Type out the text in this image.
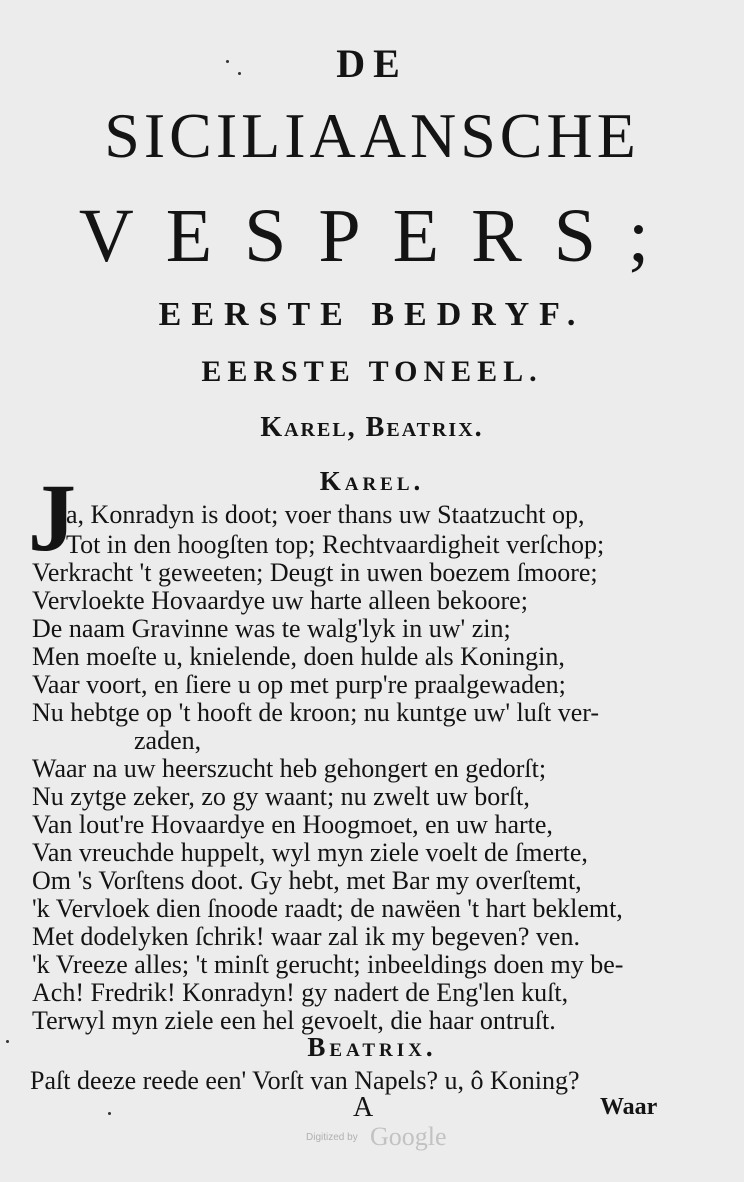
DE
SICILIAANSCHE
VESPERS;
EERSTE BEDRYF.
EERSTE TONEEL.
Karel, Beatrix.
Karel.
J
a, Konradyn is doot; voer thans uw Staatzucht op,
Tot in den hoogſten top; Rechtvaardigheit verſchop;
Verkracht 't geweeten; Deugt in uwen boezem ſmoore;
Vervloekte Hovaardye uw harte alleen bekoore;
De naam Gravinne was te walg'lyk in uw' zin;
Men moeſte u, knielende, doen hulde als Koningin,
Vaar voort, en ſiere u op met purp're praalgewaden;
Nu hebtge op 't hooft de kroon; nu kuntge uw' luſt ver-
zaden,
Waar na uw heerszucht heb gehongert en gedorſt;
Nu zytge zeker, zo gy waant; nu zwelt uw borſt,
Van lout're Hovaardye en Hoogmoet, en uw harte,
Van vreuchde huppelt, wyl myn ziele voelt de ſmerte,
Om 's Vorſtens doot. Gy hebt, met Bar my overſtemt,
'k Vervloek dien ſnoode raadt; de nawëen 't hart beklemt,
Met dodelyken ſchrik! waar zal ik my begeven? ven.
'k Vreeze alles; 't minſt gerucht; inbeeldings doen my be-
Ach! Fredrik! Konradyn! gy nadert de Eng'len kuſt,
Terwyl myn ziele een hel gevoelt, die haar ontruſt.
Beatrix.
Paſt deeze reede een' Vorſt van Napels? u, ô Koning?
A	Waar
Digitized by Google
